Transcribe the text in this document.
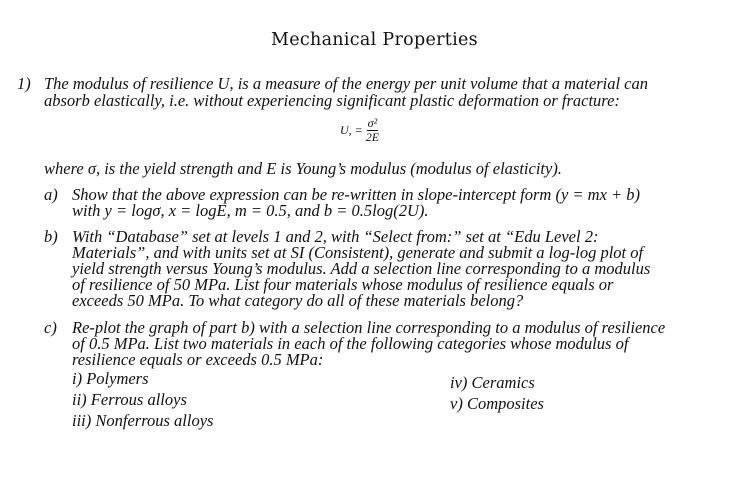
Mechanical Properties
1) The modulus of resilience U, is a measure of the energy per unit volume that a material can
absorb elastically, i.e. without experiencing significant plastic deformation or fracture:
U, = $\frac{\text{σ²}}{2E}$
where σ, is the yield strength and E is Young’s modulus (modulus of elasticity).
a) Show that the above expression can be re-written in slope-intercept form (y = mx + b)
with y = logσ, x = logE, m = 0.5, and b = 0.5log(2U).
b) With “Database” set at levels 1 and 2, with “Select from:” set at “Edu Level 2:
Materials”, and with units set at SI (Consistent), generate and submit a log-log plot of
yield strength versus Young’s modulus. Add a selection line corresponding to a modulus
of resilience of 50 MPa. List four materials whose modulus of resilience equals or
exceeds 50 MPa. To what category do all of these materials belong?
c) Re-plot the graph of part b) with a selection line corresponding to a modulus of resilience
of 0.5 MPa. List two materials in each of the following categories whose modulus of
resilience equals or exceeds 0.5 MPa:
i) Polymers
ii) Ferrous alloys
iii) Nonferrous alloys
iv) Ceramics
v) Composites
